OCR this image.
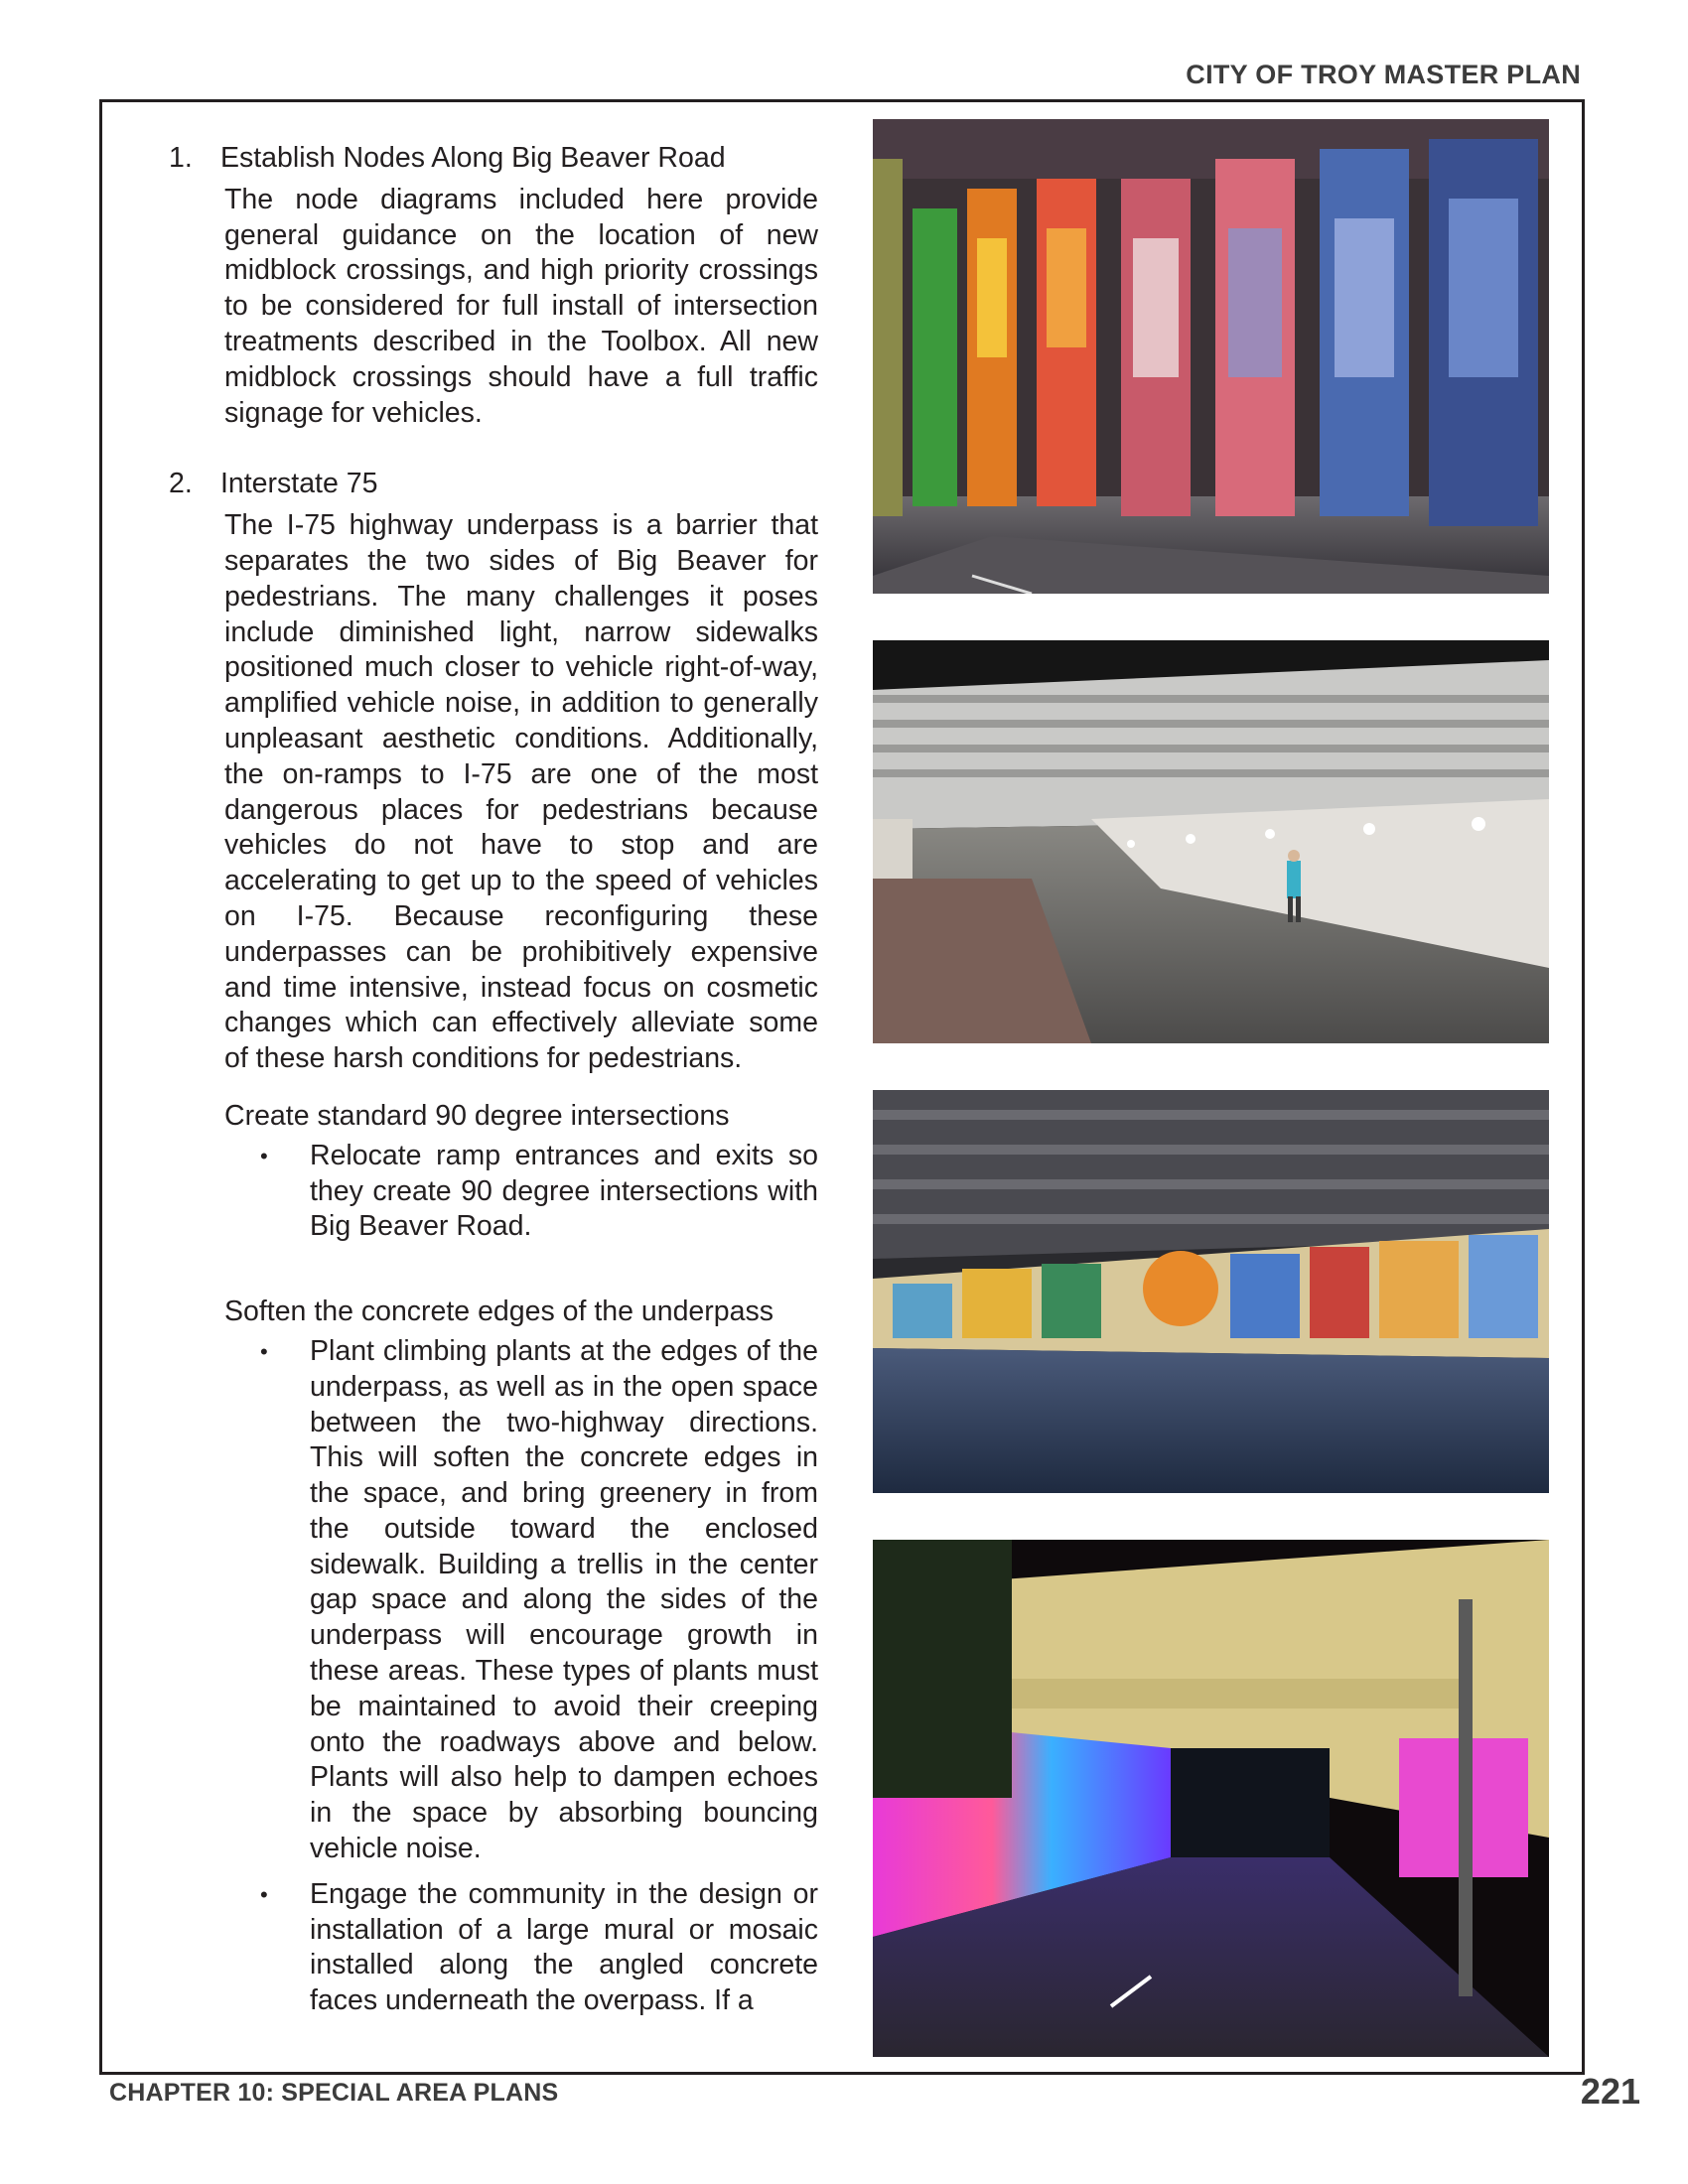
CITY OF TROY MASTER PLAN
1. Establish Nodes Along Big Beaver Road

The node diagrams included here provide general guidance on the location of new midblock crossings, and high priority crossings to be considered for full install of intersection treatments described in the Toolbox. All new midblock crossings should have a full traffic signage for vehicles.

2. Interstate 75

The I-75 highway underpass is a barrier that separates the two sides of Big Beaver for pedestrians. The many challenges it poses include diminished light, narrow sidewalks positioned much closer to vehicle right-of-way, amplified vehicle noise, in addition to generally unpleasant aesthetic conditions. Additionally, the on-ramps to I-75 are one of the most dangerous places for pedestrians because vehicles do not have to stop and are accelerating to get up to the speed of vehicles on I-75. Because reconfiguring these underpasses can be prohibitively expensive and time intensive, instead focus on cosmetic changes which can effectively alleviate some of these harsh conditions for pedestrians.

Create standard 90 degree intersections
•	Relocate ramp entrances and exits so they create 90 degree intersections with Big Beaver Road.
Soften the concrete edges of the underpass
•	Plant climbing plants at the edges of the underpass, as well as in the open space between the two-highway directions. This will soften the concrete edges in the space, and bring greenery in from the outside toward the enclosed sidewalk. Building a trellis in the center gap space and along the sides of the underpass will encourage growth in these areas. These types of plants must be maintained to avoid their creeping onto the roadways above and below. Plants will also help to dampen echoes in the space by absorbing bouncing vehicle noise.
•	Engage the community in the design or installation of a large mural or mosaic installed along the angled concrete faces underneath the overpass. If a
CHAPTER 10: SPECIAL AREA PLANS	221
